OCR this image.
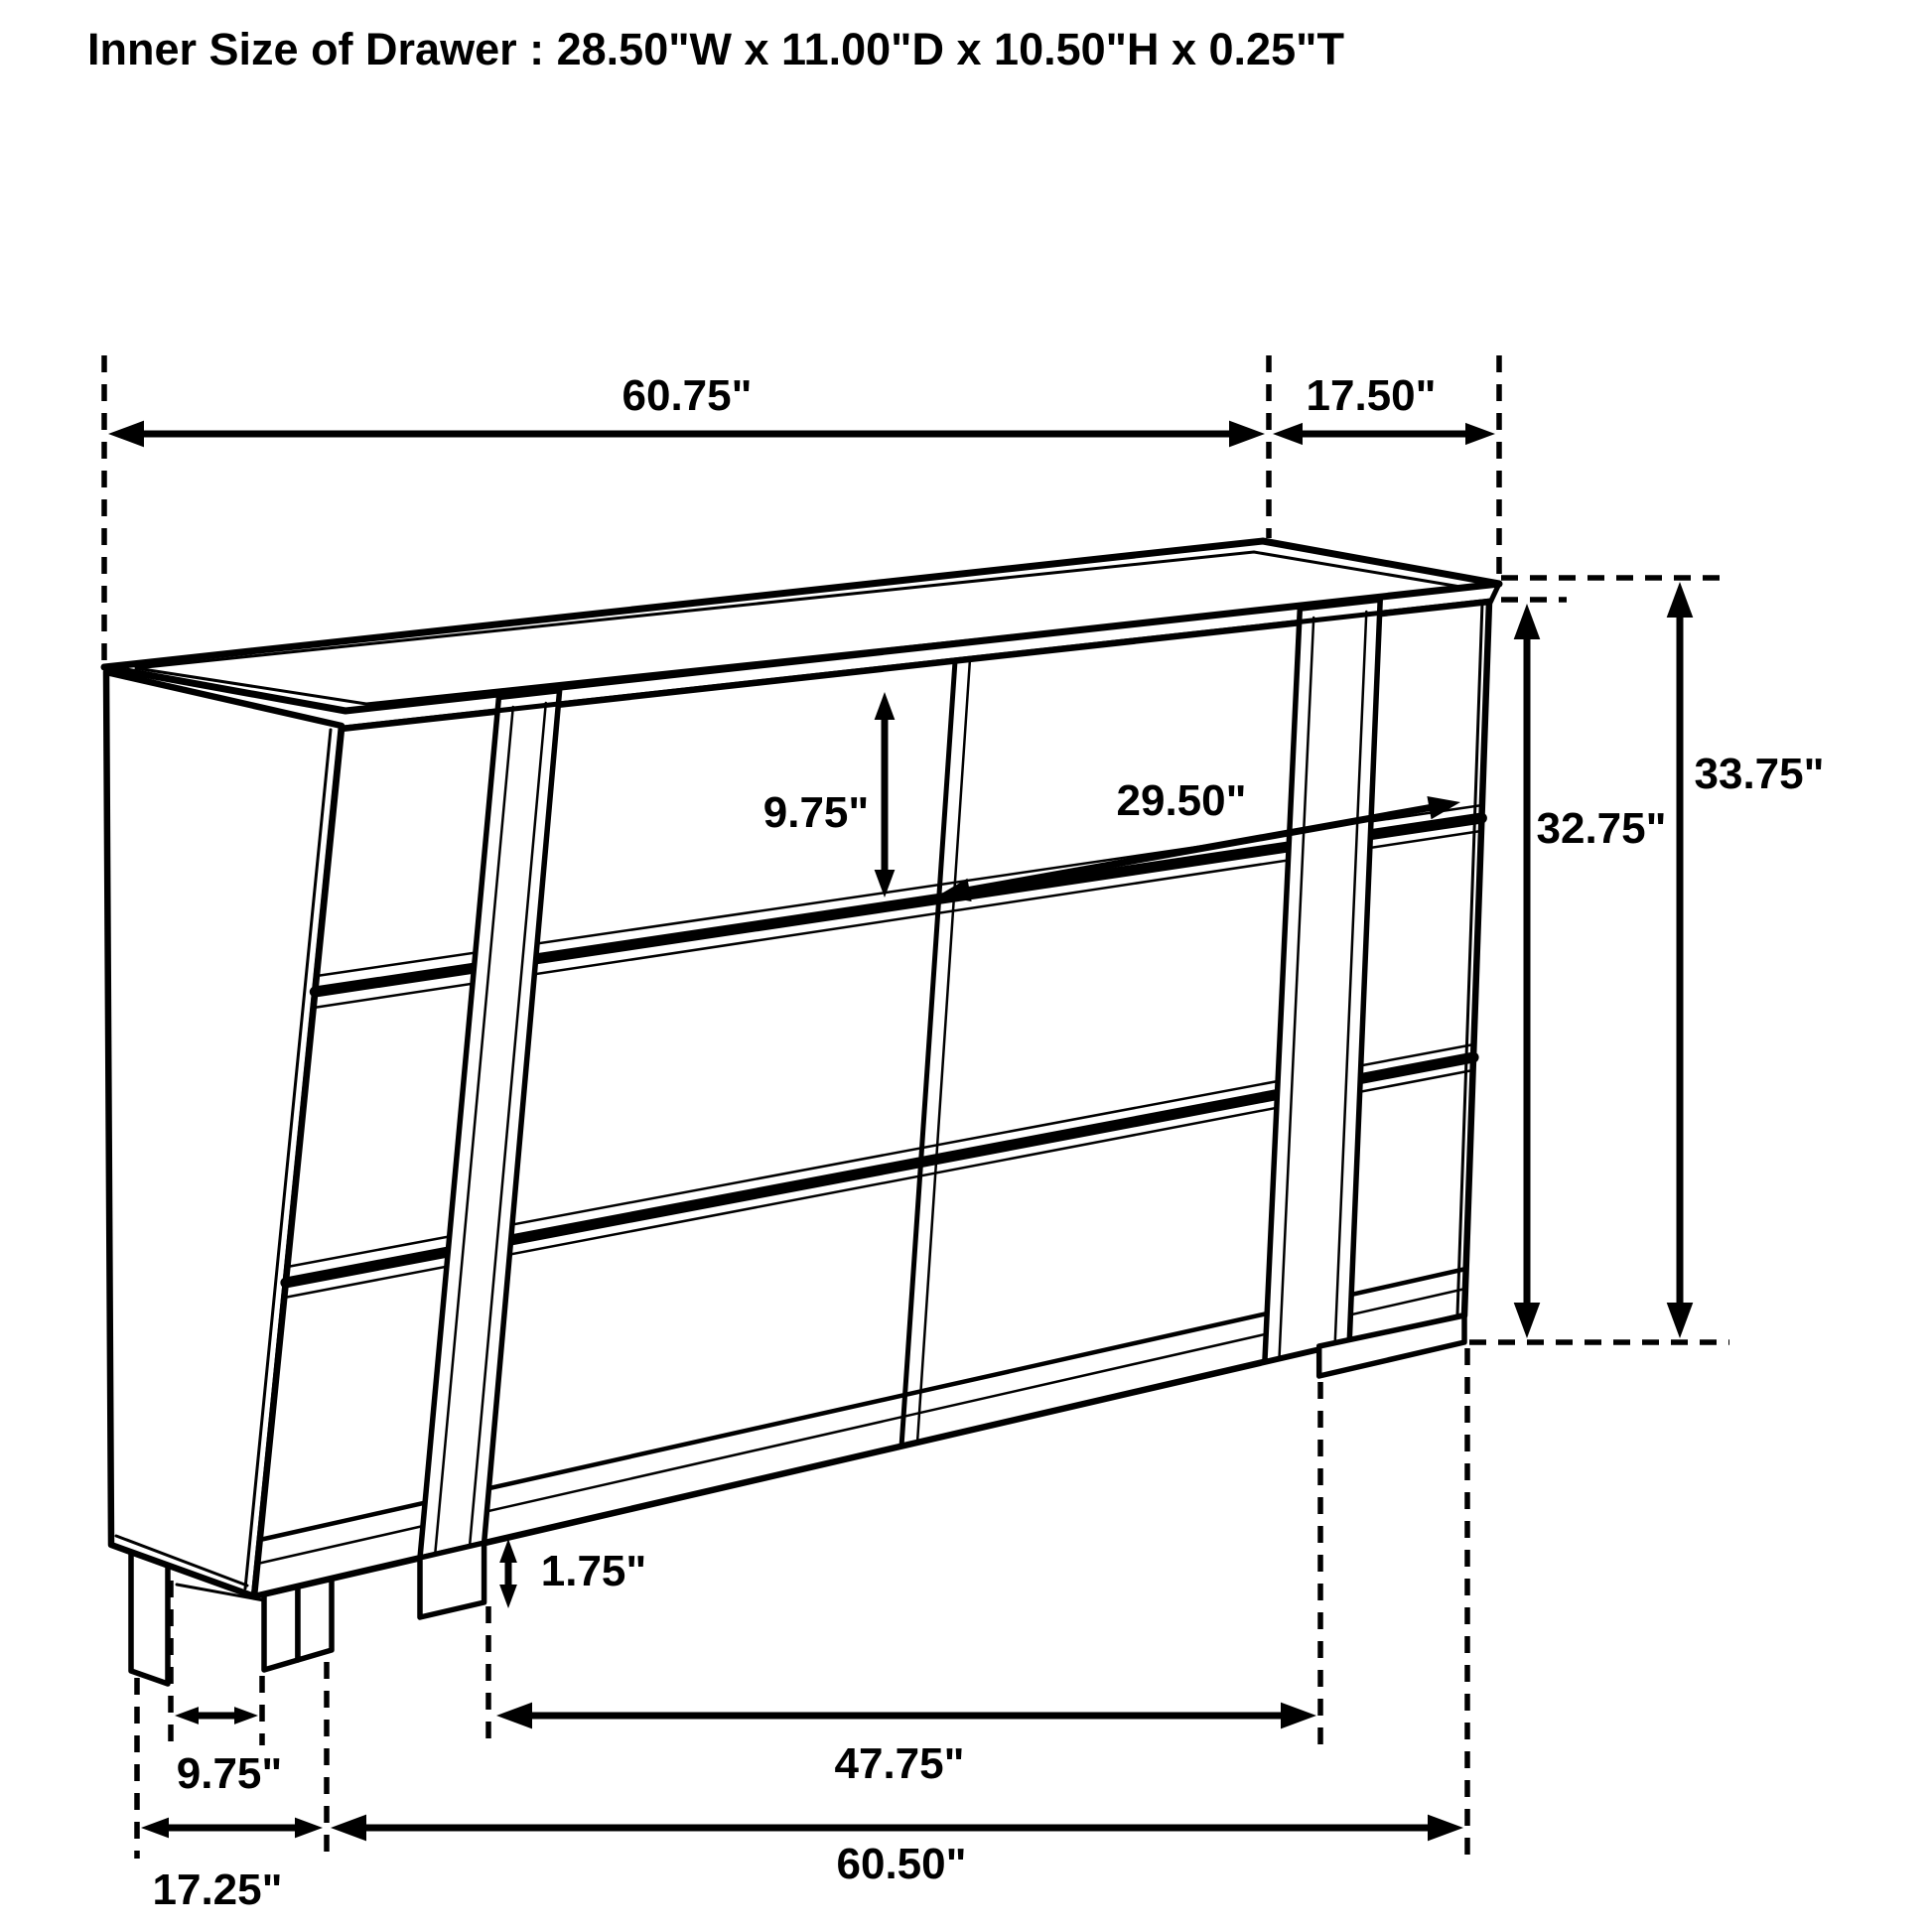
Inner Size of Drawer : 28.50"W x 11.00"D x 10.50"H x 0.25"T
60.75"	17.50"
9.75"	29.50"
33.75"
32.75"
1.75"
9.75"	47.75"
17.25"
60.50"
